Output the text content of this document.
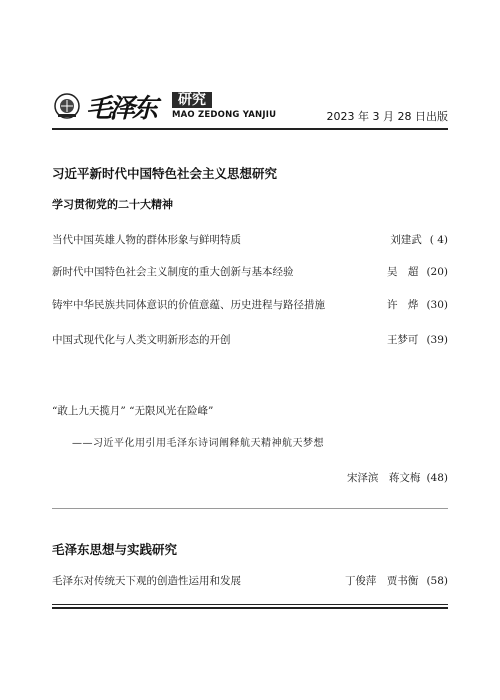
毛泽东	研究
MAO ZEDONG YANJIU	2023 年 3 月 28 日出版
习近平新时代中国特色社会主义思想研究
学习贯彻党的二十大精神
当代中国英雄人物的群体形象与鲜明特质	刘建武 ( 4)
新时代中国特色社会主义制度的重大创新与基本经验	吴　超 (20)
铸牢中华民族共同体意识的价值意蕴、历史进程与路径措施	许　烨 (30)
中国式现代化与人类文明新形态的开创	王梦可 (39)
“敢上九天揽月” “无限风光在险峰”
——习近平化用引用毛泽东诗词阐释航天精神航天梦想
宋泽滨　蒋文梅 (48)
毛泽东思想与实践研究
毛泽东对传统天下观的创造性运用和发展	丁俊萍　贾书衡 (58)
